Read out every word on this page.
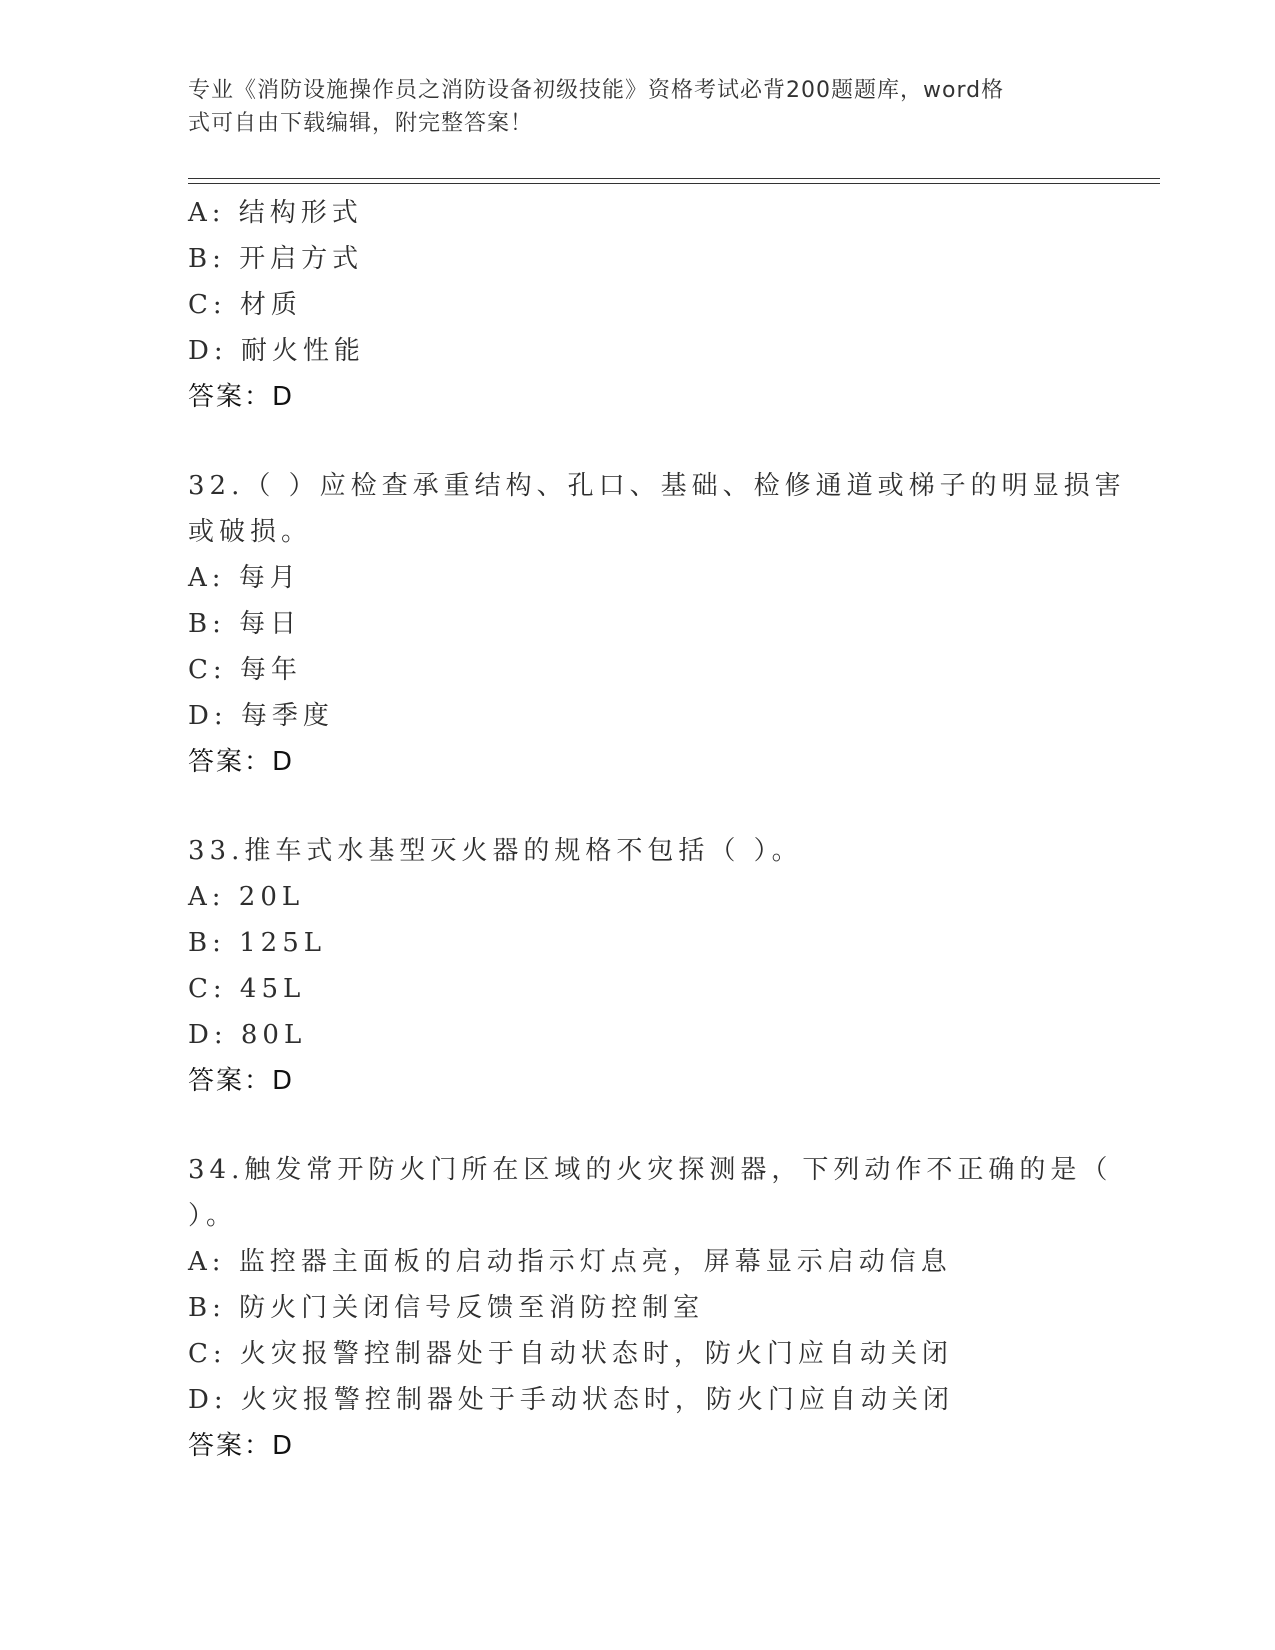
专业《消防设施操作员之消防设备初级技能》资格考试必背200题题库，word格
式可自由下载编辑，附完整答案！
A: 结构形式
B: 开启方式
C: 材质
D: 耐火性能
答案：D
32.（ ）应检查承重结构、孔口、基础、检修通道或梯子的明显损害
或破损。
A: 每月
B: 每日
C: 每年
D: 每季度
答案：D
33.推车式水基型灭火器的规格不包括（ ）。
A: 20L
B: 125L
C: 45L
D: 80L
答案：D
34.触发常开防火门所在区域的火灾探测器，下列动作不正确的是（
）。
A: 监控器主面板的启动指示灯点亮，屏幕显示启动信息
B: 防火门关闭信号反馈至消防控制室
C: 火灾报警控制器处于自动状态时，防火门应自动关闭
D: 火灾报警控制器处于手动状态时，防火门应自动关闭
答案：D
